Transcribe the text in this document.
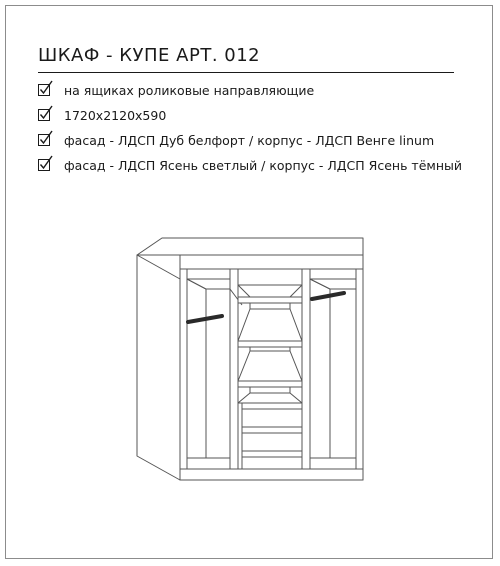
ШКАФ - КУПЕ АРТ. 012
на ящиках роликовые направляющие
1720x2120x590
фасад - ЛДСП Дуб белфорт / корпус - ЛДСП Венге linum
фасад - ЛДСП Ясень светлый / корпус - ЛДСП Ясень тёмный
